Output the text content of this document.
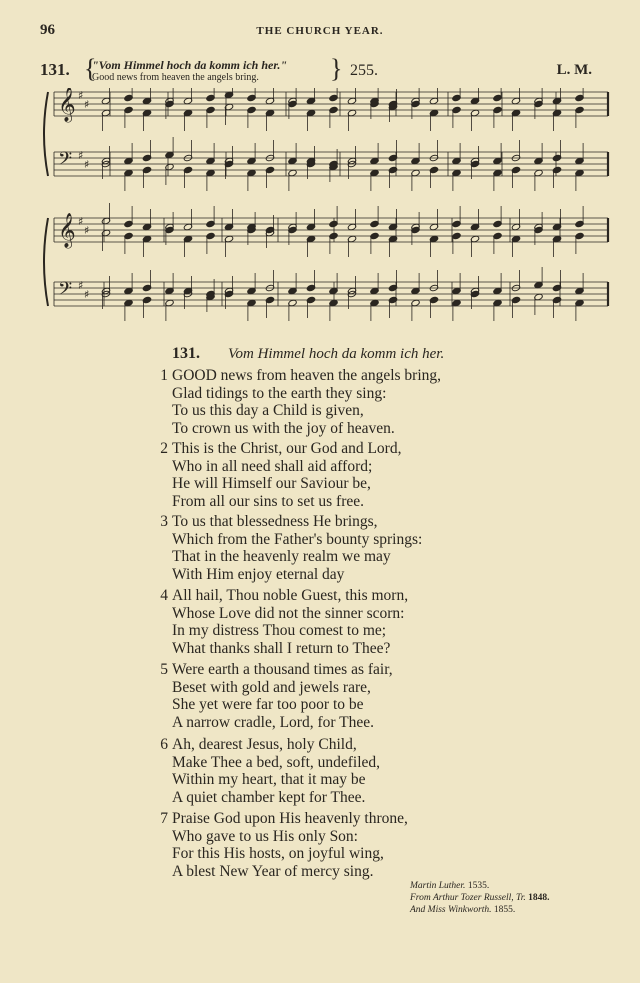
96	THE CHURCH YEAR.
131. {
"Vom Himmel hoch da komm ich her."
Good news from heaven the angels bring.	} 255.	L. M.
𝄞 ♯
♯
𝄢 ♯
♯
𝄞 ♯
♯
𝄢 ♯
♯
131. Vom Himmel hoch da komm ich her.
1 GOOD news from heaven the angels bring,
Glad tidings to the earth they sing:
To us this day a Child is given,
To crown us with the joy of heaven.
2 This is the Christ, our God and Lord,
Who in all need shall aid afford;
He will Himself our Saviour be,
From all our sins to set us free.
3 To us that blessedness He brings,
Which from the Father's bounty springs:
That in the heavenly realm we may
With Him enjoy eternal day
4 All hail, Thou noble Guest, this morn,
Whose Love did not the sinner scorn:
In my distress Thou comest to me;
What thanks shall I return to Thee?
5 Were earth a thousand times as fair,
Beset with gold and jewels rare,
She yet were far too poor to be
A narrow cradle, Lord, for Thee.
6 Ah, dearest Jesus, holy Child,
Make Thee a bed, soft, undefiled,
Within my heart, that it may be
A quiet chamber kept for Thee.
7 Praise God upon His heavenly throne,
Who gave to us His only Son:
For this His hosts, on joyful wing,
A blest New Year of mercy sing.
Martin Luther. 1535.
From Arthur Tozer Russell, Tr. 1848.
And Miss Winkworth. 1855.
